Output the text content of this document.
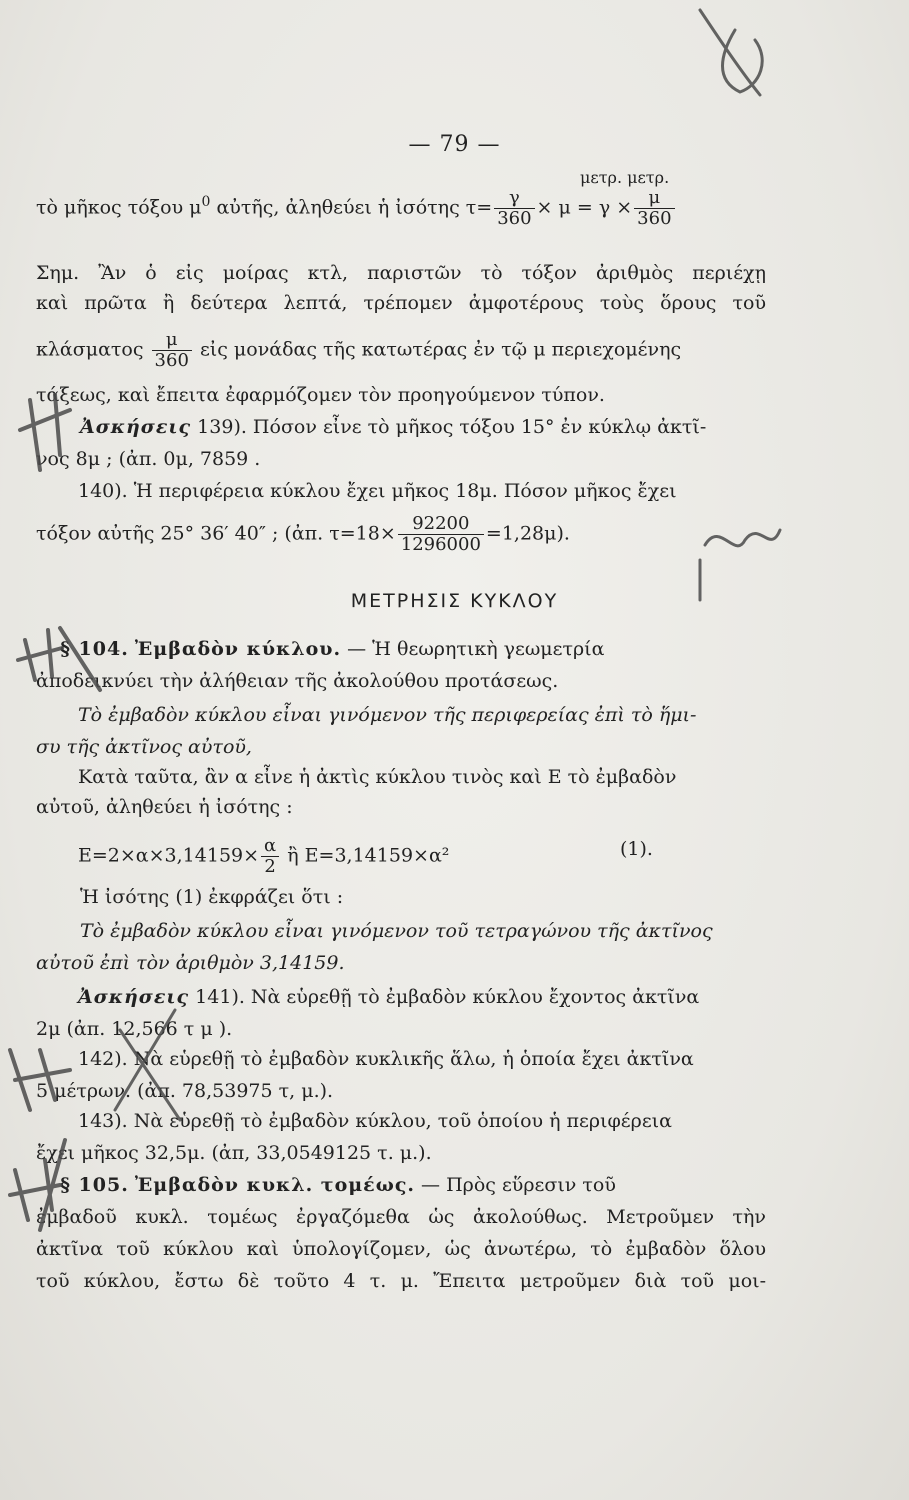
— 79 —
τὸ μῆκος τόξου $\mu^0$ αὐτῆς, ἀληθεύει ἡ ἰσότης $\tau= \frac{\gamma}{360} \times \mu = \gamma \times \frac{\mu}{360}$
μετρ. μετρ.
Σημ. Ἂν ὁ εἰς μοίρας κτλ, παριστῶν τὸ τόξον ἀριθμὸς περιέχῃ
καὶ πρῶτα ἢ δεύτερα λεπτά, τρέπομεν ἀμφοτέρους τοὺς ὅρους τοῦ
κλάσματος $\frac{\mu}{360}$ εἰς μονάδας τῆς κατωτέρας ἐν τῷ μ περιεχομένης
τάξεως, καὶ ἔπειτα ἐφαρμόζομεν τὸν προηγούμενον τύπον.
Ἀσκήσεις 139). Πόσον εἶνε τὸ μῆκος τόξου 15° ἐν κύκλῳ ἀκτῖ-
νος 8μ ; (ἀπ. 0μ, 7859 .
140). Ἡ περιφέρεια κύκλου ἔχει μῆκος 18μ. Πόσον μῆκος ἔχει
τόξον αὐτῆς 25° 36′ 40″ ; (ἀπ. $\tau=18\times \frac{92200}{1296000} =1,28\mu$).
ΜΕΤΡΗΣΙΣ ΚΥΚΛΟΥ
§ 104. Ἐμβαδὸν κύκλου. — Ἡ θεωρητικὴ γεωμετρία
ἀποδεικνύει τὴν ἀλήθειαν τῆς ἀκολούθου προτάσεως.
Τὸ ἐμβαδὸν κύκλου εἶναι γινόμενον τῆς περιφερείας ἐπὶ τὸ ἥμι-
συ τῆς ἀκτῖνος αὐτοῦ,
Κατὰ ταῦτα, ἂν α εἶνε ἡ ἀκτὶς κύκλου τινὸς καὶ Ε τὸ ἐμβαδὸν
αὐτοῦ, ἀληθεύει ἡ ἰσότης :
$E=2\times\alpha\times 3,14159\times \frac{\alpha}{2}$ ἢ Ε=3,14159×α²	(1).
Ἡ ἰσότης (1) ἐκφράζει ὅτι :
Τὸ ἐμβαδὸν κύκλου εἶναι γινόμενον τοῦ τετραγώνου τῆς ἀκτῖνος
αὐτοῦ ἐπὶ τὸν ἀριθμὸν 3,14159.
Ἀσκήσεις 141). Νὰ εὑρεθῇ τὸ ἐμβαδὸν κύκλου ἔχοντος ἀκτῖνα
2μ (ἀπ. 12,566 τ μ ).
142). Νὰ εὑρεθῇ τὸ ἐμβαδὸν κυκλικῆς ἅλω, ἡ ὁποία ἔχει ἀκτῖνα
5 μέτρων. (ἀπ. 78,53975 τ, μ.).
143). Νὰ εὑρεθῇ τὸ ἐμβαδὸν κύκλου, τοῦ ὁποίου ἡ περιφέρεια
ἔχει μῆκος 32,5μ. (ἀπ, 33,0549125 τ. μ.).
§ 105. Ἐμβαδὸν κυκλ. τομέως. — Πρὸς εὕρεσιν τοῦ
ἐμβαδοῦ κυκλ. τομέως ἐργαζόμεθα ὡς ἀκολούθως. Μετροῦμεν τὴν
ἀκτῖνα τοῦ κύκλου καὶ ὑπολογίζομεν, ὡς ἀνωτέρω, τὸ ἐμβαδὸν ὅλου
τοῦ κύκλου, ἔστω δὲ τοῦτο 4 τ. μ. Ἔπειτα μετροῦμεν διὰ τοῦ μοι-
